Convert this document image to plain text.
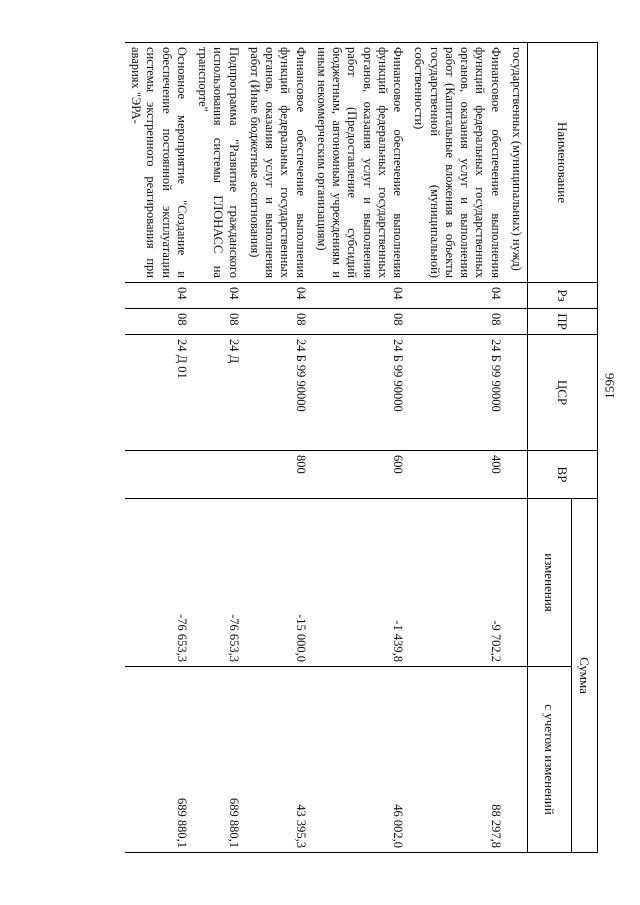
1596
Наименование	Рз	ПР	ЦСР	ВР	Сумма	
					изменения	с учетом изменений
государственных (муниципальных) нужд)						
Финансовое обеспечение выполнения функций федеральных государственных органов, оказания услуг и выполнения работ (Капитальные вложения в объекты государственной (муниципальной) собственности)	04	08	24 Б 99 90000	400	-9 702,2	88 297,8
Финансовое обеспечение выполнения функций федеральных государственных органов, оказания услуг и выполнения работ (Предоставление субсидий бюджетным, автономным учреждениям и иным некоммерческим организациям)	04	08	24 Б 99 90000	600	-1 439,8	46 002,0
Финансовое обеспечение выполнения функций федеральных государственных органов, оказания услуг и выполнения работ (Иные бюджетные ассигнования)	04	08	24 Б 99 90000	800	-15 000,0	43 395,3
Подпрограмма "Развитие гражданского использования системы ГЛОНАСС на транспорте"	04	08	24 Д		-76 653,3	689 880,1
Основное мероприятие "Создание и обеспечение постоянной эксплуатации системы экстренного реагирования при авариях "ЭРА-	04	08	24 Д 01		-76 653,3	689 880,1
